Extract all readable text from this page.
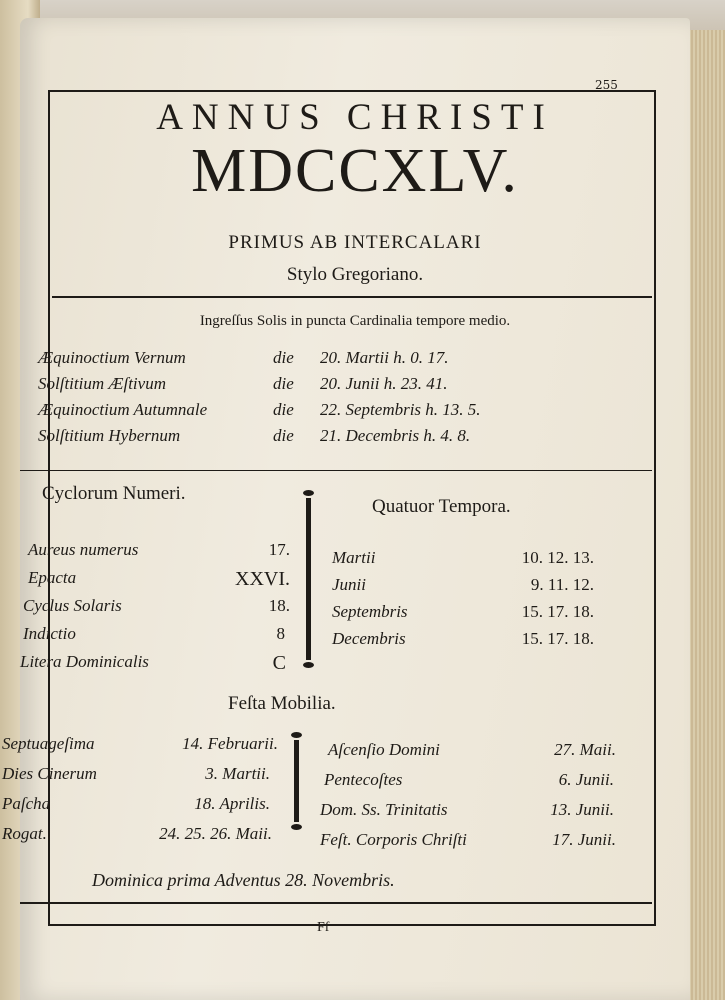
255
ANNUS CHRISTI
MDCCXLV.
PRIMUS AB INTERCALARI
Stylo Gregoriano.
Ingreſſus Solis in puncta Cardinalia tempore medio.
Æquinoctium Vernum	die 20. Martii h. 0. 17.
Solſtitium Æſtivum	die 20. Junii h. 23. 41.
Æquinoctium Autumnale	die 22. Septembris h. 13. 5.
Solſtitium Hybernum	die 21. Decembris h. 4. 8.
Cyclorum Numeri.
Quatuor Tempora.
Aureus numerus	17.
Epacta	XXVI.
Cyclus Solaris	18.
Indictio	8
Litera Dominicalis	C
Martii	10. 12. 13.
Junii	9. 11. 12.
Septembris	15. 17. 18.
Decembris	15. 17. 18.
Feſta Mobilia.
Septuageſima	14. Februarii.
Dies Cinerum	3. Martii.
Paſcha	18. Aprilis.
Rogat.	24. 25. 26. Maii.
Aſcenſio Domini	27. Maii.
Pentecoſtes	6. Junii.
Dom. Ss. Trinitatis	13. Junii.
Feſt. Corporis Chriſti	17. Junii.
Dominica prima Adventus 28. Novembris.
Ff
